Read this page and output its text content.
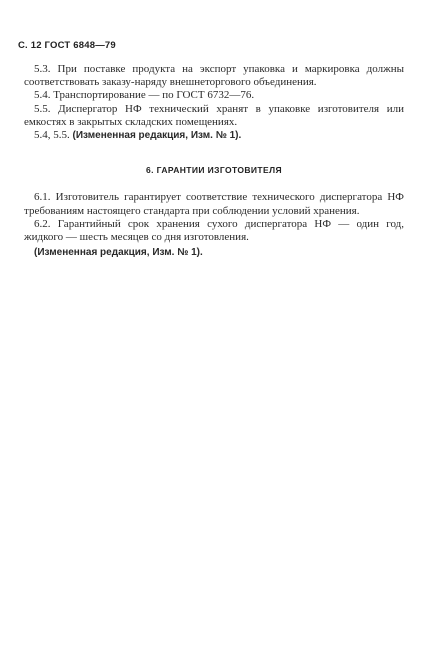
С. 12 ГОСТ 6848—79

5.3. При поставке продукта на экспорт упаковка и маркировка должны соответствовать заказу-наряду внешнеторгового объединения.

5.4. Транспортирование — по ГОСТ 6732—76.

5.5. Диспергатор НФ технический хранят в упаковке изготовителя или емкостях в закрытых складских помещениях.

5.4, 5.5. (Измененная редакция, Изм. № 1).

6. ГАРАНТИИ ИЗГОТОВИТЕЛЯ

6.1. Изготовитель гарантирует соответствие технического диспергатора НФ требованиям настоящего стандарта при соблюдении условий хранения.

6.2. Гарантийный срок хранения сухого диспергатора НФ — один год, жидкого — шесть месяцев со дня изготовления.

(Измененная редакция, Изм. № 1).
